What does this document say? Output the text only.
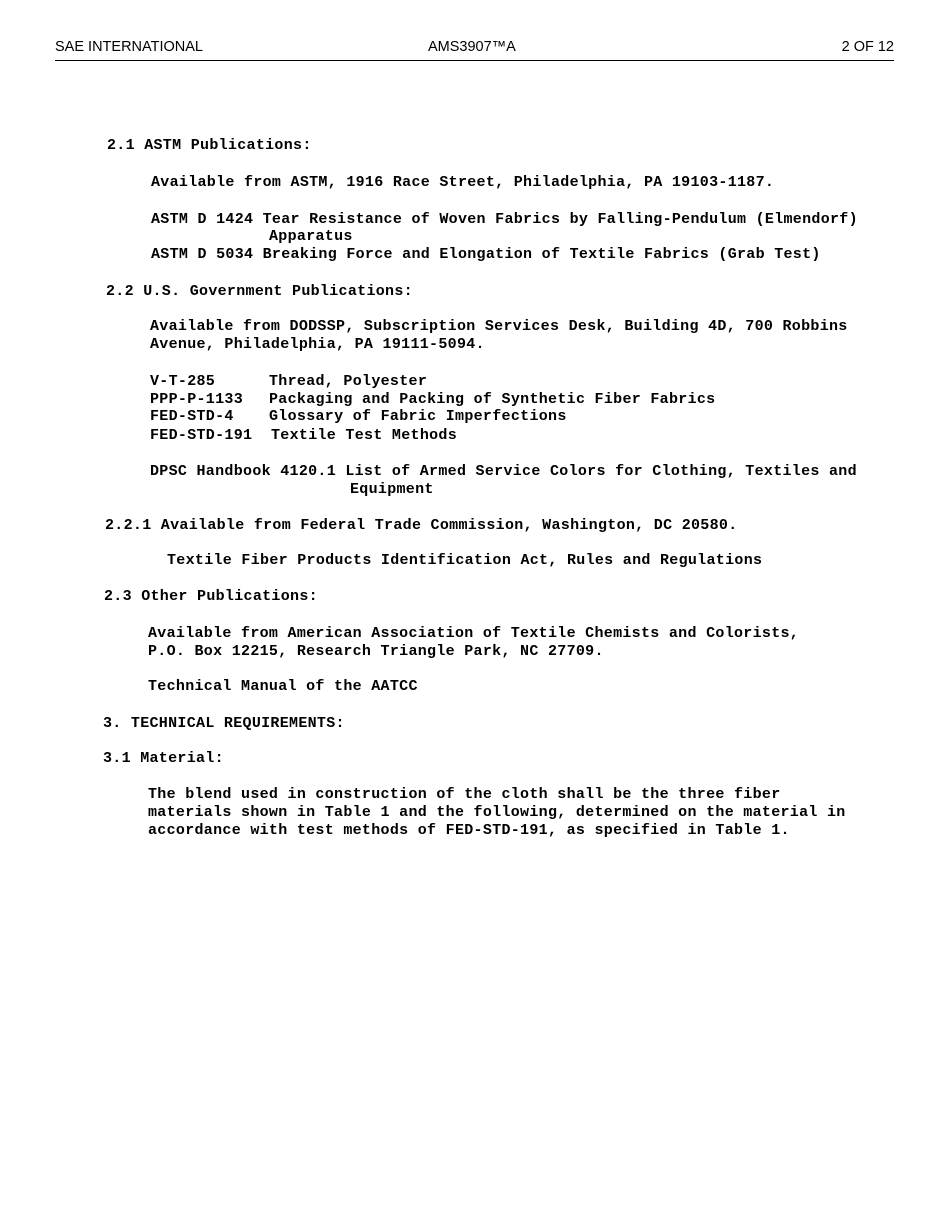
SAE INTERNATIONAL	AMS3907™A	2 OF 12
2.1 ASTM Publications:
Available from ASTM, 1916 Race Street, Philadelphia, PA 19103-1187.
ASTM D 1424 Tear Resistance of Woven Fabrics by Falling-Pendulum (Elmendorf)
Apparatus
ASTM D 5034 Breaking Force and Elongation of Textile Fabrics (Grab Test)
2.2 U.S. Government Publications:
Available from DODSSP, Subscription Services Desk, Building 4D, 700 Robbins
Avenue, Philadelphia, PA 19111-5094.
V-T-285	Thread, Polyester
PPP-P-1133 Packaging and Packing of Synthetic Fiber Fabrics
FED-STD-4 Glossary of Fabric Imperfections
FED-STD-191 Textile Test Methods
DPSC Handbook 4120.1 List of Armed Service Colors for Clothing, Textiles and
Equipment
2.2.1 Available from Federal Trade Commission, Washington, DC 20580.
Textile Fiber Products Identification Act, Rules and Regulations
2.3 Other Publications:
Available from American Association of Textile Chemists and Colorists,
P.O. Box 12215, Research Triangle Park, NC 27709.
Technical Manual of the AATCC
3. TECHNICAL REQUIREMENTS:
3.1 Material:
The blend used in construction of the cloth shall be the three fiber
materials shown in Table 1 and the following, determined on the material in
accordance with test methods of FED-STD-191, as specified in Table 1.
